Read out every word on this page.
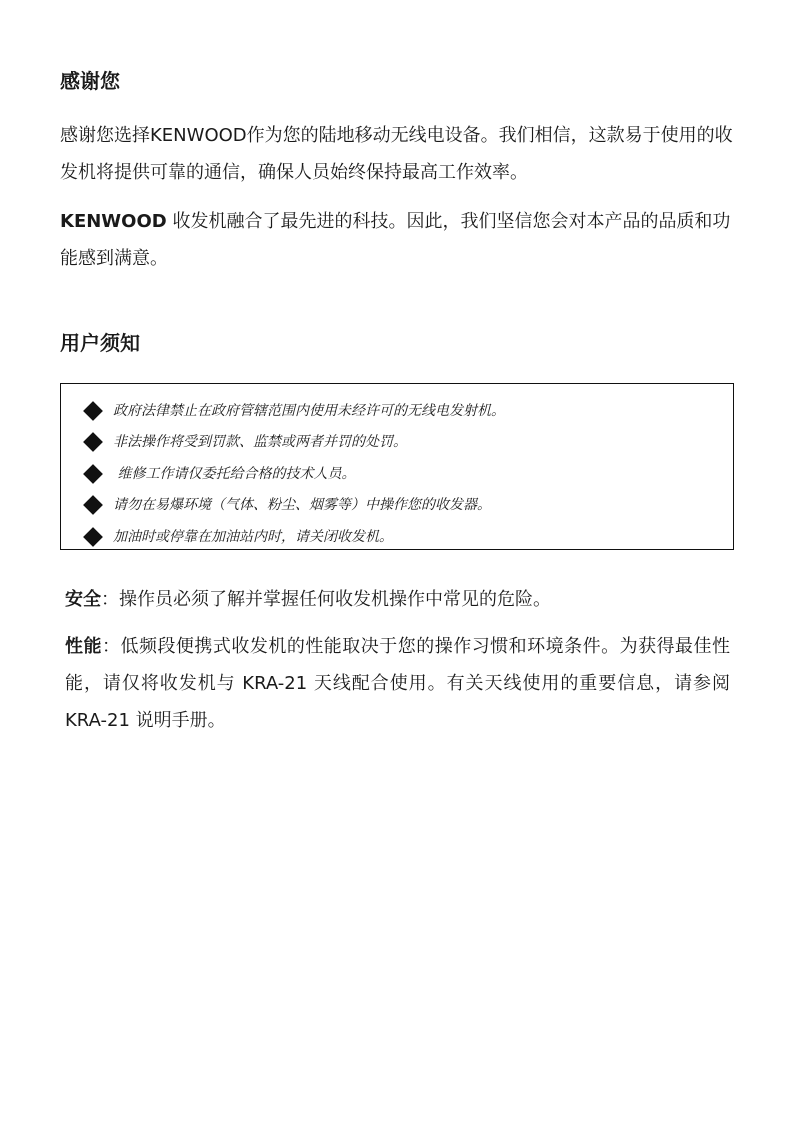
感谢您

感谢您选择KENWOOD作为您的陆地移动无线电设备。我们相信，这款易于使用的收发机将提供可靠的通信，确保人员始终保持最高工作效率。

KENWOOD 收发机融合了最先进的科技。因此，我们坚信您会对本产品的品质和功能感到满意。

用户须知
政府法律禁止在政府管辖范围内使用未经许可的无线电发射机。
非法操作将受到罚款、监禁或两者并罚的处罚。
维修工作请仅委托给合格的技术人员。
请勿在易爆环境（气体、粉尘、烟雾等）中操作您的收发器。
加油时或停靠在加油站内时，请关闭收发机。

安全：操作员必须了解并掌握任何收发机操作中常见的危险。

性能：低频段便携式收发机的性能取决于您的操作习惯和环境条件。为获得最佳性能，请仅将收发机与 KRA-21 天线配合使用。有关天线使用的重要信息，请参阅 KRA-21 说明手册。
